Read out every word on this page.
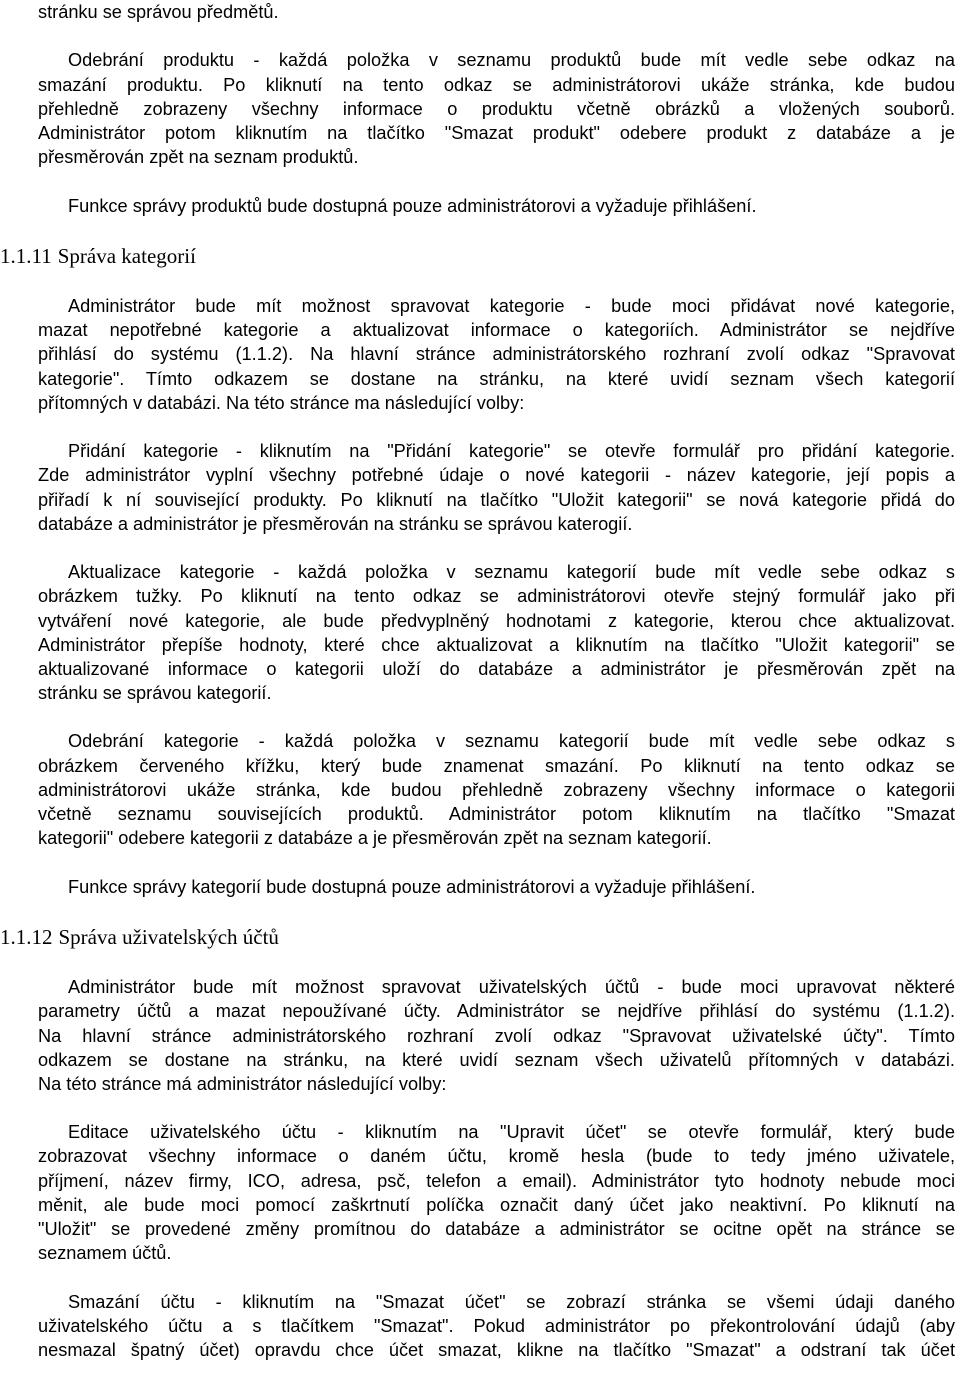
stránku se správou předmětů.
Odebrání produktu - každá položka v seznamu produktů bude mít vedle sebe odkaz na
smazání produktu. Po kliknutí na tento odkaz se administrátorovi ukáže stránka, kde budou
přehledně zobrazeny všechny informace o produktu včetně obrázků a vložených souborů.
Administrátor potom kliknutím na tlačítko "Smazat produkt" odebere produkt z databáze a je
přesměrován zpět na seznam produktů.
Funkce správy produktů bude dostupná pouze administrátorovi a vyžaduje přihlášení.
1.1.11 Správa kategorií
Administrátor bude mít možnost spravovat kategorie - bude moci přidávat nové kategorie,
mazat nepotřebné kategorie a aktualizovat informace o kategoriích. Administrátor se nejdříve
přihlásí do systému (1.1.2). Na hlavní stránce administrátorského rozhraní zvolí odkaz "Spravovat
kategorie". Tímto odkazem se dostane na stránku, na které uvidí seznam všech kategorií
přítomných v databázi. Na této stránce ma následující volby:
Přidání kategorie - kliknutím na "Přidání kategorie" se otevře formulář pro přidání kategorie.
Zde administrátor vyplní všechny potřebné údaje o nové kategorii - název kategorie, její popis a
přiřadí k ní související produkty. Po kliknutí na tlačítko "Uložit kategorii" se nová kategorie přidá do
databáze a administrátor je přesměrován na stránku se správou katerogií.
Aktualizace kategorie - každá položka v seznamu kategorií bude mít vedle sebe odkaz s
obrázkem tužky. Po kliknutí na tento odkaz se administrátorovi otevře stejný formulář jako při
vytváření nové kategorie, ale bude předvyplněný hodnotami z kategorie, kterou chce aktualizovat.
Administrátor přepíše hodnoty, které chce aktualizovat a kliknutím na tlačítko "Uložit kategorii" se
aktualizované informace o kategorii uloží do databáze a administrátor je přesměrován zpět na
stránku se správou kategorií.
Odebrání kategorie - každá položka v seznamu kategorií bude mít vedle sebe odkaz s
obrázkem červeného křížku, který bude znamenat smazání. Po kliknutí na tento odkaz se
administrátorovi ukáže stránka, kde budou přehledně zobrazeny všechny informace o kategorii
včetně seznamu souvisejících produktů. Administrátor potom kliknutím na tlačítko "Smazat
kategorii" odebere kategorii z databáze a je přesměrován zpět na seznam kategorií.
Funkce správy kategorií bude dostupná pouze administrátorovi a vyžaduje přihlášení.
1.1.12 Správa uživatelských účtů
Administrátor bude mít možnost spravovat uživatelských účtů - bude moci upravovat některé
parametry účtů a mazat nepoužívané účty. Administrátor se nejdříve přihlásí do systému (1.1.2).
Na hlavní stránce administrátorského rozhraní zvolí odkaz "Spravovat uživatelské účty". Tímto
odkazem se dostane na stránku, na které uvidí seznam všech uživatelů přítomných v databázi.
Na této stránce má administrátor následující volby:
Editace uživatelského účtu - kliknutím na "Upravit účet" se otevře formulář, který bude
zobrazovat všechny informace o daném účtu, kromě hesla (bude to tedy jméno uživatele,
příjmení, název firmy, ICO, adresa, psč, telefon a email). Administrátor tyto hodnoty nebude moci
měnit, ale bude moci pomocí zaškrtnutí políčka označit daný účet jako neaktivní. Po kliknutí na
"Uložit" se provedené změny promítnou do databáze a administrátor se ocitne opět na stránce se
seznamem účtů.
Smazání účtu - kliknutím na "Smazat účet" se zobrazí stránka se všemi údaji daného
uživatelského účtu a s tlačítkem "Smazat". Pokud administrátor po překontrolování údajů (aby
nesmazal špatný účet) opravdu chce účet smazat, klikne na tlačítko "Smazat" a odstraní tak účet
